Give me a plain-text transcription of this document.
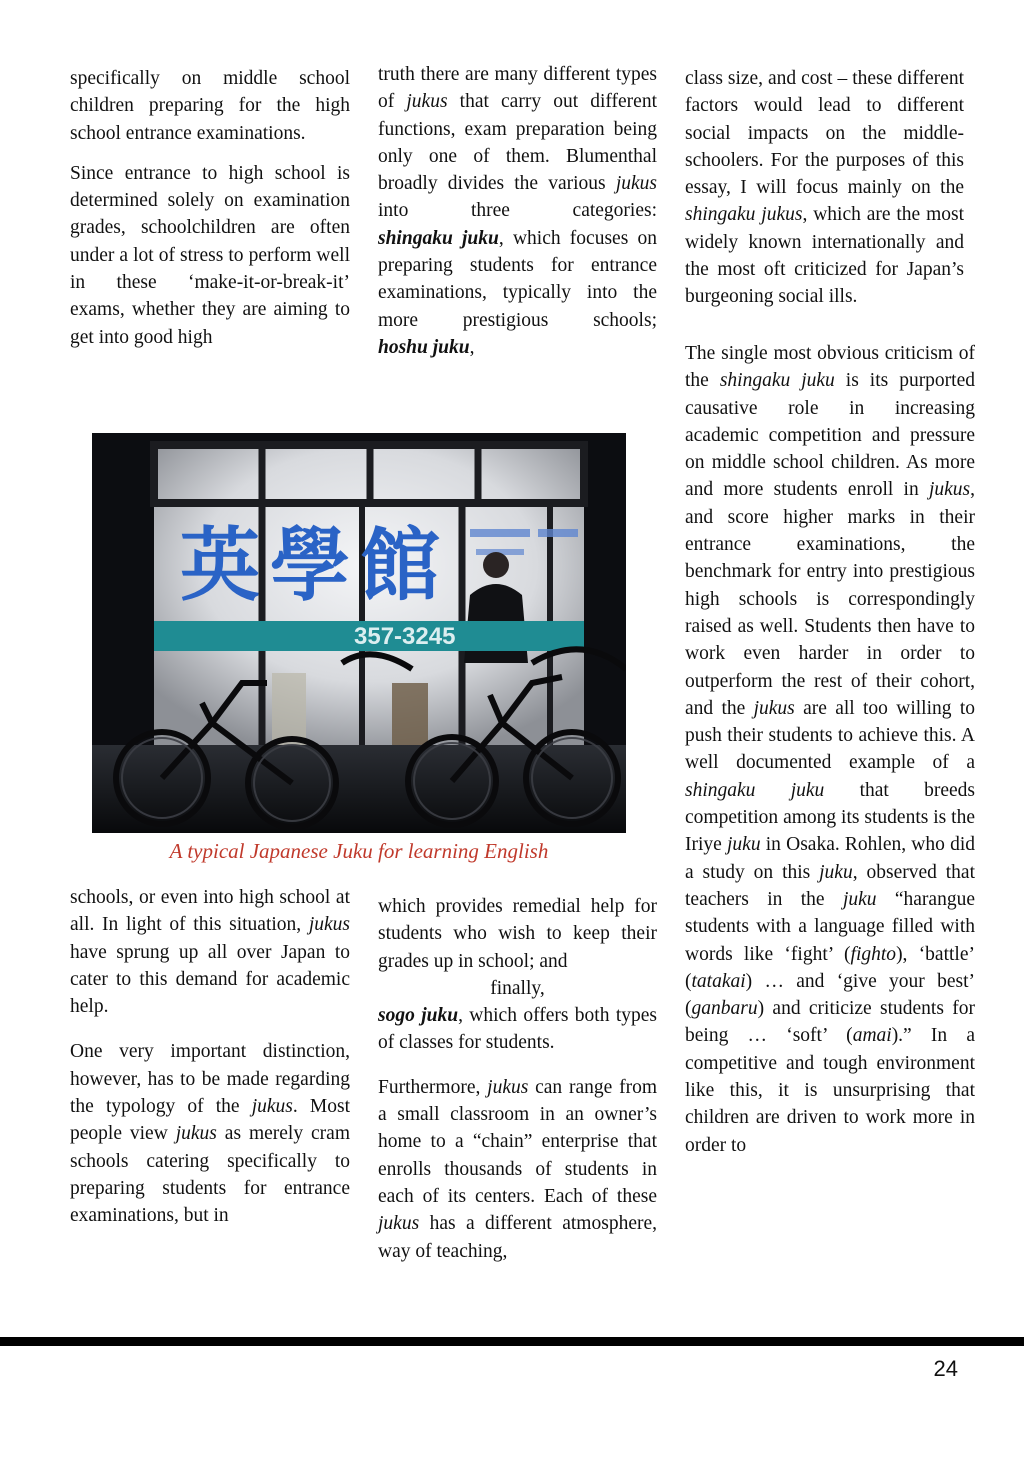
specifically on middle school children preparing for the high school entrance examinations.

Since entrance to high school is determined solely on examination grades, schoolchildren are often under a lot of stress to perform well in these ‘make-it-or-break-it’ exams, whether they are aiming to get into good high

truth there are many different types of jukus that carry out different functions, exam preparation being only one of them. Blumenthal broadly divides the various jukus into three categories: shingaku juku, which focuses on preparing students for entrance examinations, typically into the more prestigious schools; hoshu juku,

class size, and cost – these different factors would lead to different social impacts on the middle-schoolers. For the purposes of this essay, I will focus mainly on the shingaku jukus, which are the most widely known internationally and the most oft criticized for Japan’s burgeoning social ills.

The single most obvious criticism of the shingaku juku is its purported causative role in increasing academic competition and pressure on middle school children. As more and more students enroll in jukus, and score higher marks in their entrance examinations, the benchmark for entry into prestigious high schools is correspondingly raised as well. Students then have to work even harder in order to outperform the rest of their cohort, and the jukus are all too willing to push their students to achieve this. A well documented example of a shingaku juku that breeds competition among its students is the Iriye juku in Osaka. Rohlen, who did a study on this juku, observed that teachers in the juku “harangue students with a language filled with words like ‘fight’ (fighto), ‘battle’ (tatakai) … and ‘give your best’ (ganbaru) and criticize students for being … ‘soft’ (amai).” In a competitive and tough environment like this, it is unsurprising that children are driven to work more in order to

英 學 館
357-3245
A typical Japanese Juku for learning English

schools, or even into high school at all. In light of this situation, jukus have sprung up all over Japan to cater to this demand for academic help.

One very important distinction, however, has to be made regarding the typology of the jukus. Most people view jukus as merely cram schools catering specifically to preparing students for entrance examinations, but in

which provides remedial help for students who wish to keep their grades up in school; and

finally,
sogo juku, which offers both types of classes for students.

Furthermore, jukus can range from a small classroom in an owner’s home to a “chain” enterprise that enrolls thousands of students in each of its centers. Each of these jukus has a different atmosphere, way of teaching,

24
